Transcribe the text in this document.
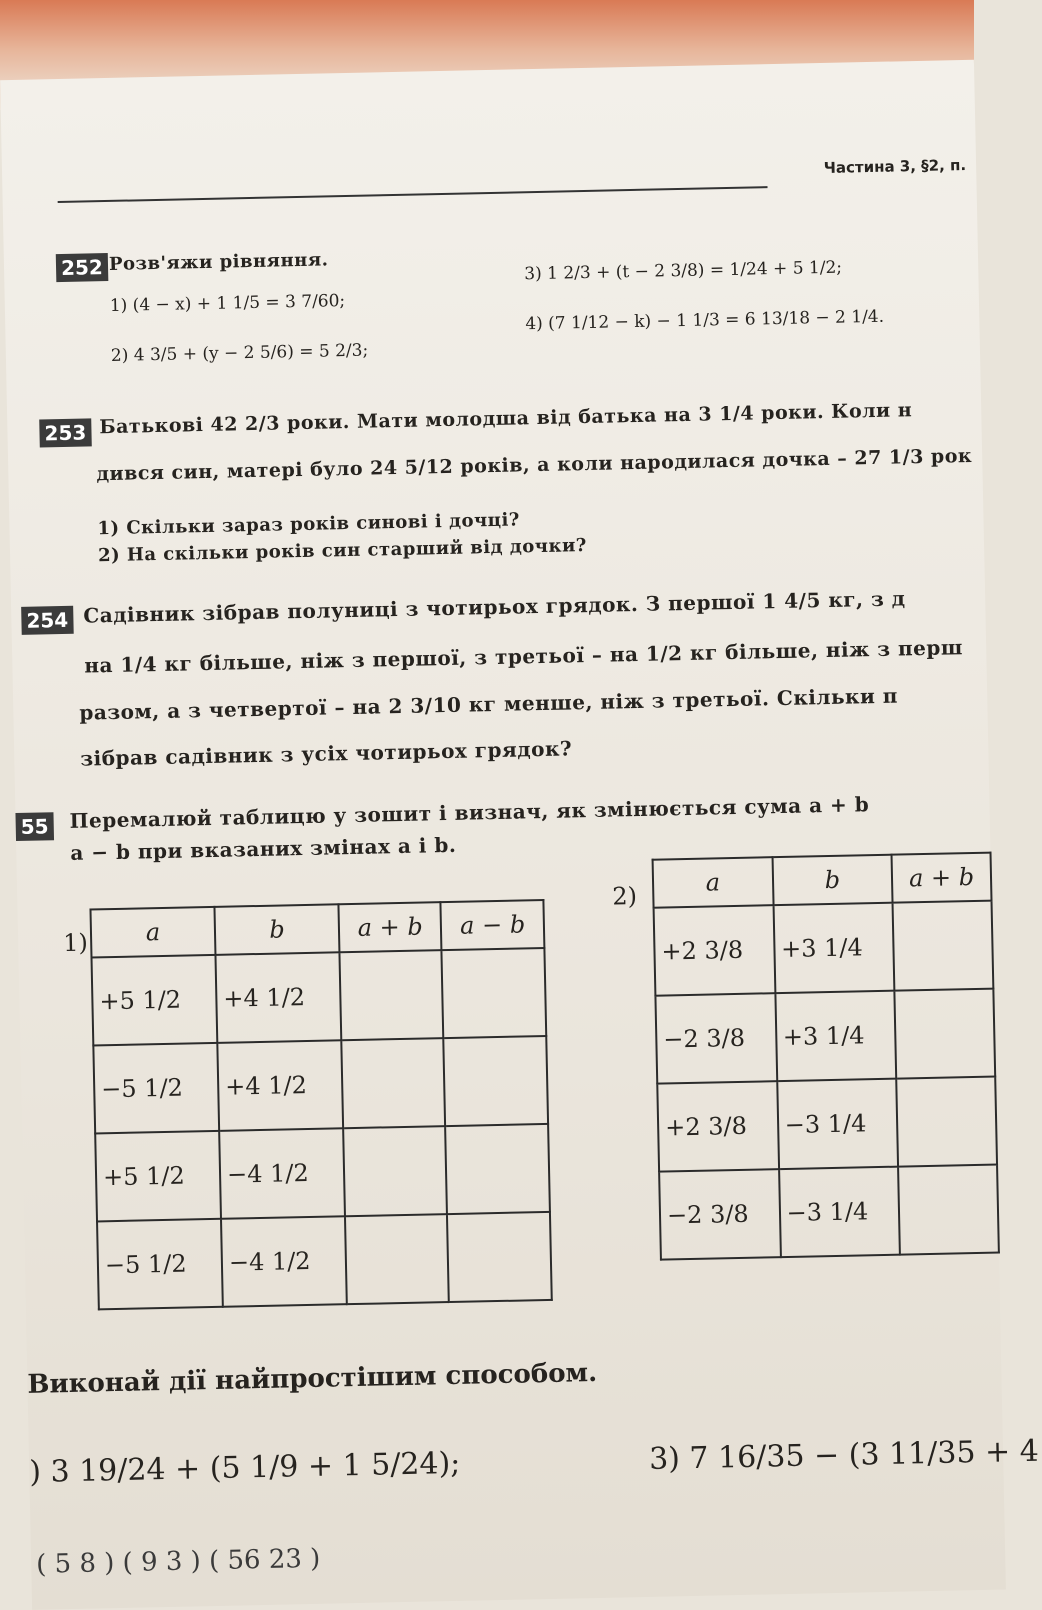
Частина 3, §2, п.
252 Розв'яжи рівняння.
1) (4 − x) + 1 1/5 = 3 7/60;
2) 4 3/5 + (y − 2 5/6) = 5 2/3;
3) 1 2/3 + (t − 2 3/8) = 1/24 + 5 1/2;
4) (7 1/12 − k) − 1 1/3 = 6 13/18 − 2 1/4.
253 Батькові 42 2/3 роки. Мати молодша від батька на 3 1/4 роки. Коли н
дився син, матері було 24 5/12 років, а коли народилася дочка – 27 1/3 рок
1) Скільки зараз років синові і дочці?
2) На скільки років син старший від дочки?
254 Садівник зібрав полуниці з чотирьох грядок. З першої 1 4/5 кг, з д
на 1/4 кг більше, ніж з першої, з третьої – на 1/2 кг більше, ніж з перш
разом, а з четвертої – на 2 3/10 кг менше, ніж з третьої. Скільки п
зібрав садівник з усіх чотирьох грядок?
55 Перемалюй таблицю у зошит і визнач, як змінюється сума a + b
a − b при вказаних змінах a і b.
1) a	b	a + b	a − b
+5 1/2	+4 1/2		
−5 1/2	+4 1/2		
+5 1/2	−4 1/2		
−5 1/2	−4 1/2		
2)	a	b	a + b
+2 3/8	+3 1/4	
−2 3/8	+3 1/4	
+2 3/8	−3 1/4	
−2 3/8	−3 1/4	
Виконай дії найпростішим способом.
) 3 19/24 + (5 1/9 + 1 5/24);	3) 7 16/35 − (3 11/35 + 4
( 5 8 ) ( 9 3 ) ( 56 23 )
